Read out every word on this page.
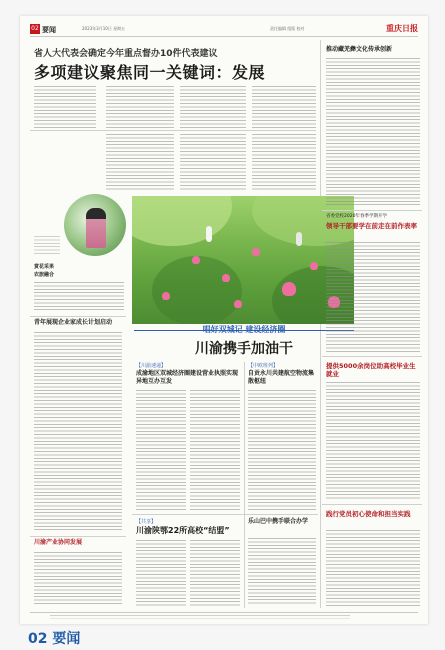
02 要闻	2023年3月10日 星期五	责任编辑 组版 校对	重庆日报
省人大代表会确定今年重点督办10件代表建议
多项建议聚焦同一关键词：发展
赏花采果
农旅融合
青年展现企业家成长计划启动
川渝产业协同发展
唱好双城记 建设经济圈
川渝携手加油干
【川渝速递】
成渝地区双城经济圈建设营业执照实现异地互办互发
【中欧班列】
自贡永川共建航空物流集散枢纽
【共享】
川渝陕鄂22所高校“结盟”
乐山巴中携手联合办学
推动藏羌彝文化传承创新
省委党校2020年春季学期开学
领导干部要学在前走在前作表率
提供5000余岗位助高校毕业生就业
践行党员初心使命和担当实践
02 要闻
